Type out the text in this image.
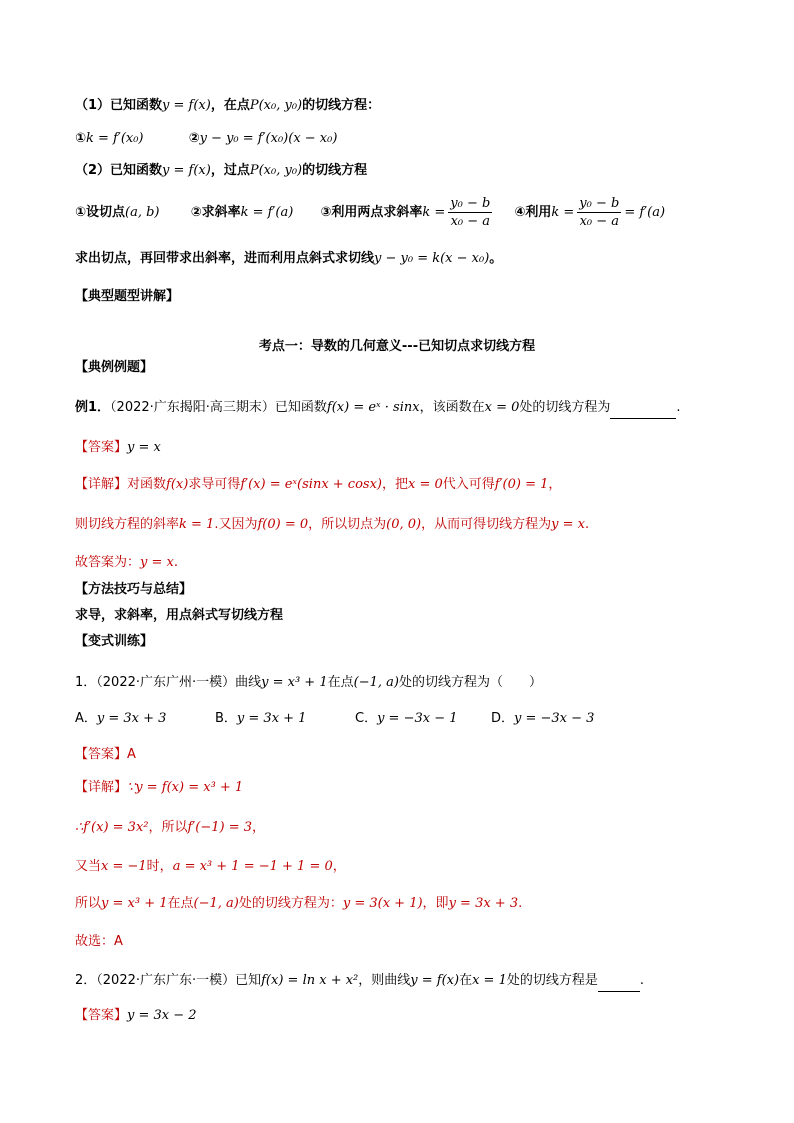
（1）已知函数y = f(x)，在点P(x₀, y₀)的切线方程：
①k = f′(x₀)	②y − y₀ = f′(x₀)(x − x₀)
（2）已知函数y = f(x)，过点P(x₀, y₀)的切线方程
①设切点(a, b) ②求斜率k = f′(a) ③利用两点求斜率$k = \frac{\text{y₀ − b}}{\text{x₀ − a}}$ ④利用$k = \frac{\text{y₀ − b}}{\text{x₀ − a}} = f'(a)$
求出切点，再回带求出斜率，进而利用点斜式求切线y − y₀ = k(x − x₀)。
【典型题型讲解】
考点一：导数的几何意义---已知切点求切线方程
【典例例题】
例1．（2022·广东揭阳·高三期末）已知函数f(x) = eˣ · sinx，该函数在x = 0处的切线方程为	.
【答案】y = x
【详解】对函数f(x)求导可得f′(x) = eˣ(sinx + cosx)，把x = 0代入可得f′(0) = 1，
则切线方程的斜率k = 1.又因为f(0) = 0，所以切点为(0, 0)，从而可得切线方程为y = x.
故答案为：y = x.
【方法技巧与总结】
求导，求斜率，用点斜式写切线方程
【变式训练】
1．（2022·广东广州·一模）曲线y = x³ + 1在点(−1, a)处的切线方程为（　　）
A．y = 3x + 3	B．y = 3x + 1	C．y = −3x − 1	D．y = −3x − 3
【答案】A
【详解】∵y = f(x) = x³ + 1
∴f′(x) = 3x²，所以f′(−1) = 3，
又当x = −1时，a = x³ + 1 = −1 + 1 = 0，
所以y = x³ + 1在点(−1, a)处的切线方程为：y = 3(x + 1)，即y = 3x + 3.
故选：A
2．（2022·广东广东·一模）已知f(x) = ln x + x²，则曲线y = f(x)在x = 1处的切线方程是	.
【答案】y = 3x − 2
